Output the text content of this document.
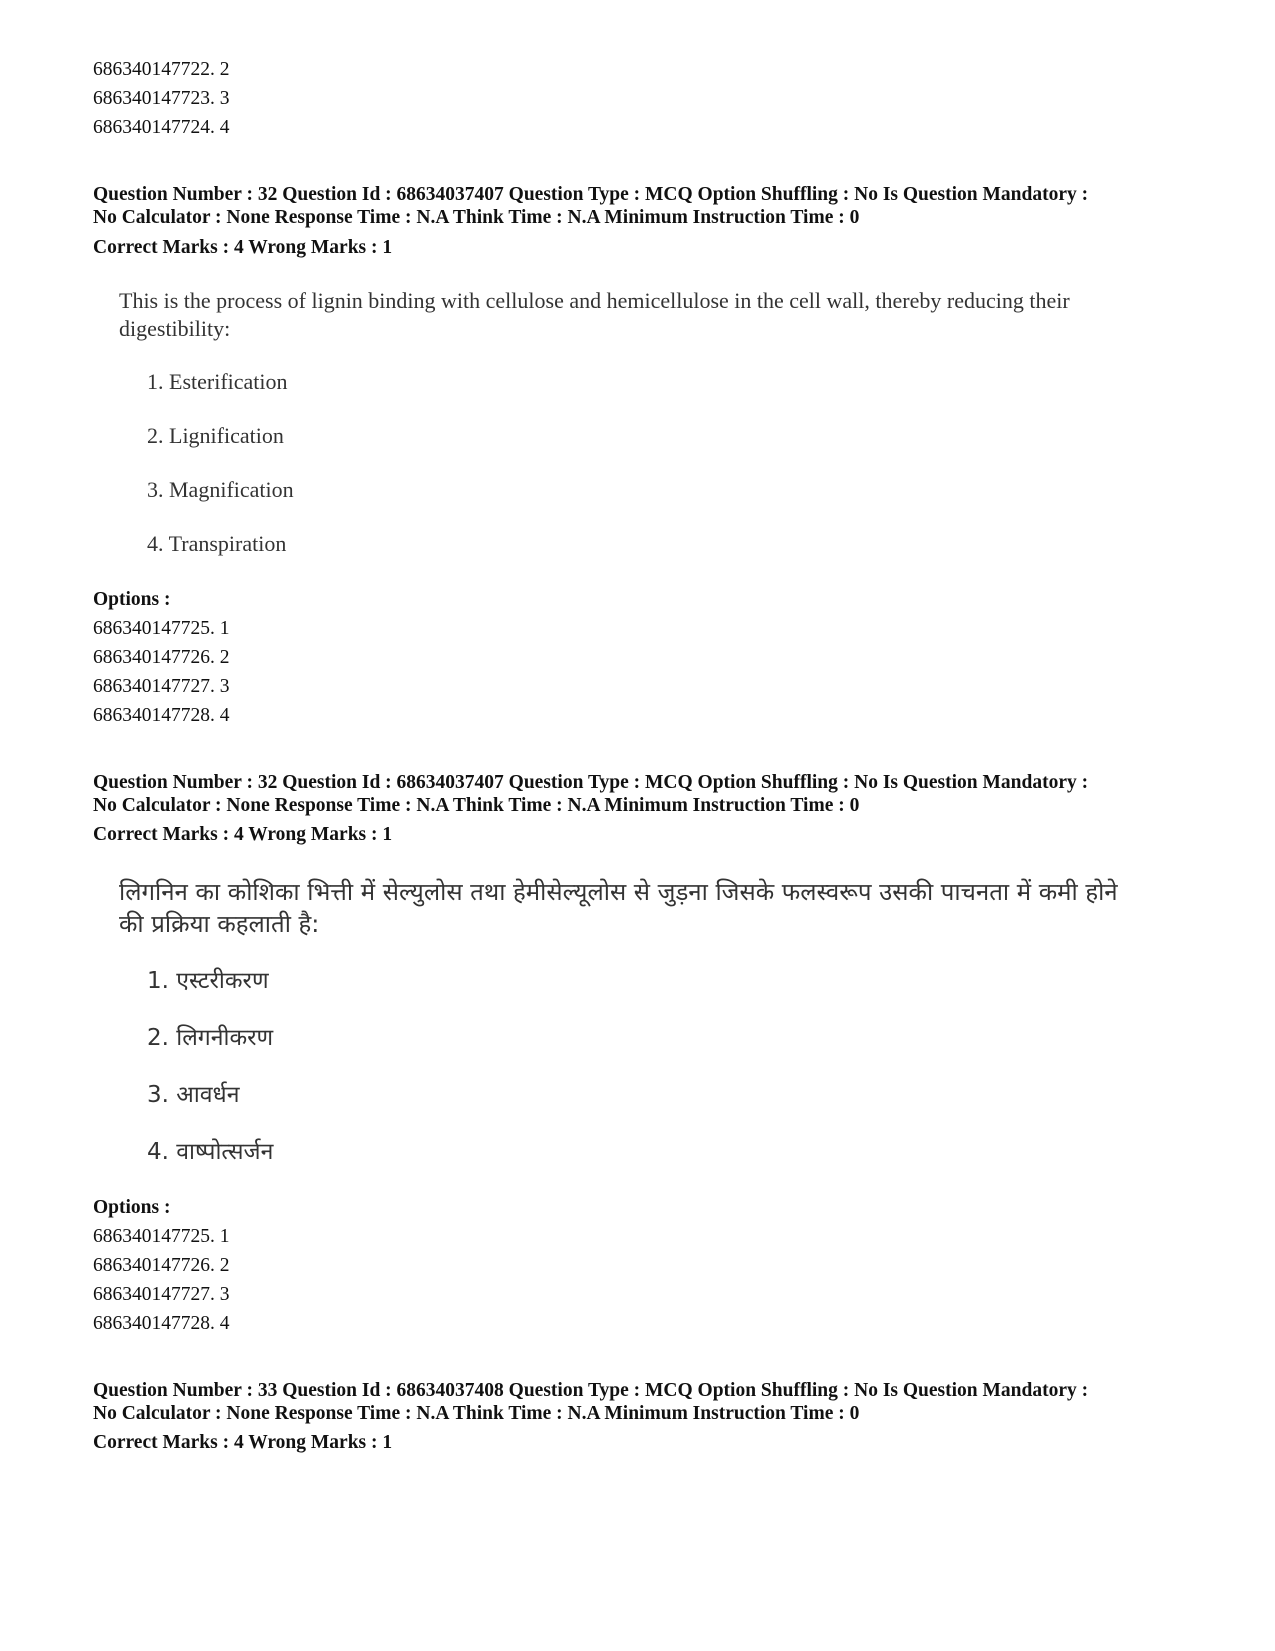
686340147722. 2
686340147723. 3
686340147724. 4
Question Number : 32 Question Id : 68634037407 Question Type : MCQ Option Shuffling : No Is Question Mandatory :
No Calculator : None Response Time : N.A Think Time : N.A Minimum Instruction Time : 0
Correct Marks : 4 Wrong Marks : 1
This is the process of lignin binding with cellulose and hemicellulose in the cell wall, thereby reducing their
digestibility:
1. Esterification
2. Lignification
3. Magnification
4. Transpiration
Options :
686340147725. 1
686340147726. 2
686340147727. 3
686340147728. 4
Question Number : 32 Question Id : 68634037407 Question Type : MCQ Option Shuffling : No Is Question Mandatory :
No Calculator : None Response Time : N.A Think Time : N.A Minimum Instruction Time : 0
Correct Marks : 4 Wrong Marks : 1
लिगनिन का कोशिका भित्ती में सेल्युलोस तथा हेमीसेल्यूलोस से जुड़ना जिसके फलस्वरूप उसकी पाचनता में कमी होने
की प्रक्रिया कहलाती है:
1. एस्टरीकरण
2. लिगनीकरण
3. आवर्धन
4. वाष्पोत्सर्जन
Options :
686340147725. 1
686340147726. 2
686340147727. 3
686340147728. 4
Question Number : 33 Question Id : 68634037408 Question Type : MCQ Option Shuffling : No Is Question Mandatory :
No Calculator : None Response Time : N.A Think Time : N.A Minimum Instruction Time : 0
Correct Marks : 4 Wrong Marks : 1
